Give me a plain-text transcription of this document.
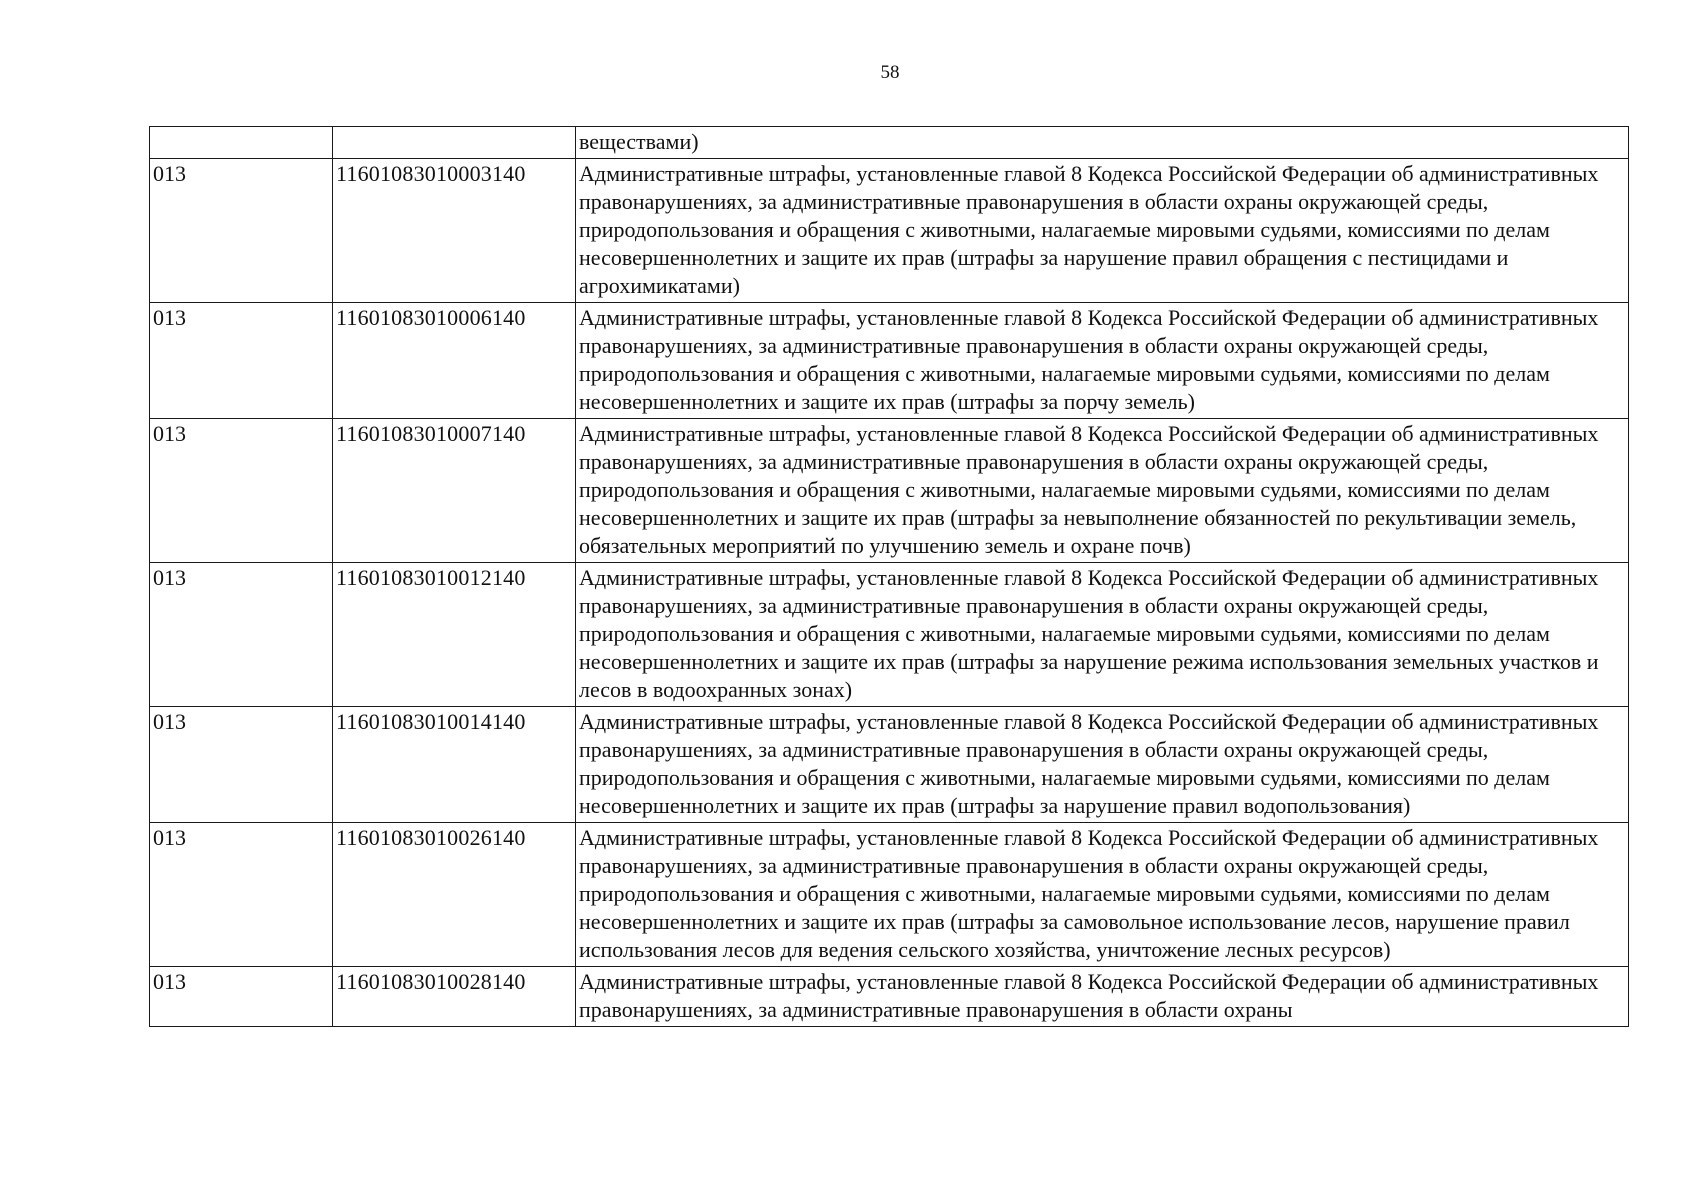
58
		веществами)
013	11601083010003140	Административные штрафы, установленные главой 8 Кодекса Российской Федерации об административных правонарушениях, за административные правонарушения в области охраны окружающей среды, природопользования и обращения с животными, налагаемые мировыми судьями, комиссиями по делам несовершеннолетних и защите их прав (штрафы за нарушение правил обращения с пестицидами и агрохимикатами)
013	11601083010006140	Административные штрафы, установленные главой 8 Кодекса Российской Федерации об административных правонарушениях, за административные правонарушения в области охраны окружающей среды, природопользования и обращения с животными, налагаемые мировыми судьями, комиссиями по делам несовершеннолетних и защите их прав (штрафы за порчу земель)
013	11601083010007140	Административные штрафы, установленные главой 8 Кодекса Российской Федерации об административных правонарушениях, за административные правонарушения в области охраны окружающей среды, природопользования и обращения с животными, налагаемые мировыми судьями, комиссиями по делам несовершеннолетних и защите их прав (штрафы за невыполнение обязанностей по рекультивации земель, обязательных мероприятий по улучшению земель и охране почв)
013	11601083010012140	Административные штрафы, установленные главой 8 Кодекса Российской Федерации об административных правонарушениях, за административные правонарушения в области охраны окружающей среды, природопользования и обращения с животными, налагаемые мировыми судьями, комиссиями по делам несовершеннолетних и защите их прав (штрафы за нарушение режима использования земельных участков и лесов в водоохранных зонах)
013	11601083010014140	Административные штрафы, установленные главой 8 Кодекса Российской Федерации об административных правонарушениях, за административные правонарушения в области охраны окружающей среды, природопользования и обращения с животными, налагаемые мировыми судьями, комиссиями по делам несовершеннолетних и защите их прав (штрафы за нарушение правил водопользования)
013	11601083010026140	Административные штрафы, установленные главой 8 Кодекса Российской Федерации об административных правонарушениях, за административные правонарушения в области охраны окружающей среды, природопользования и обращения с животными, налагаемые мировыми судьями, комиссиями по делам несовершеннолетних и защите их прав (штрафы за самовольное использование лесов, нарушение правил использования лесов для ведения сельского хозяйства, уничтожение лесных ресурсов)
013	11601083010028140	Административные штрафы, установленные главой 8 Кодекса Российской Федерации об административных правонарушениях, за административные правонарушения в области охраны
